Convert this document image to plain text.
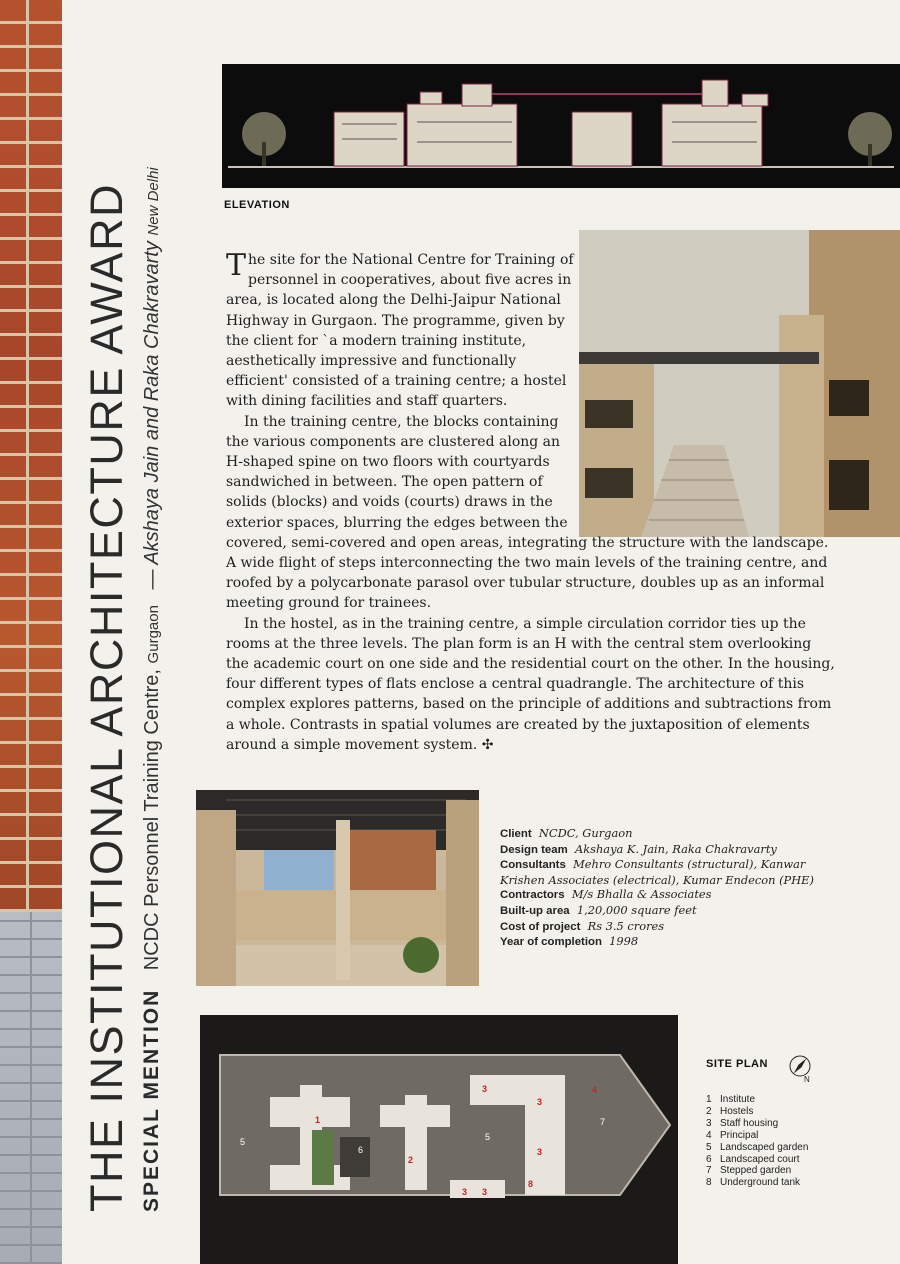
THE INSTITUTIONAL ARCHITECTURE AWARD SPECIAL MENTION NCDC Personnel Training Centre, Gurgaon   — Akshaya Jain and Raka Chakravarty New Delhi	ELEVATION

The site for the National Centre for Training of personnel in cooperatives, about five acres in area, is located along the Delhi-Jaipur National Highway in Gurgaon. The programme, given by the client for `a modern training institute, aesthetically impressive and functionally efficient' consisted of a training centre; a hostel with dining facilities and staff quarters.

In the training centre, the blocks containing the various components are clustered along an H-shaped spine on two floors with courtyards sandwiched in between. The open pattern of solids (blocks) and voids (courts) draws in the exterior spaces, blurring the edges between the covered, semi-covered and open areas, integrating the structure with the landscape. A wide flight of steps interconnecting the two main levels of the training centre, and roofed by a polycarbonate parasol over tubular structure, doubles up as an informal meeting ground for trainees.

In the hostel, as in the training centre, a simple circulation corridor ties up the rooms at the three levels. The plan form is an H with the central stem overlooking the academic court on one side and the residential court on the other. In the housing, four different types of flats enclose a central quadrangle. The architecture of this complex explores patterns, based on the principle of additions and subtractions from a whole. Contrasts in spatial volumes are created by the juxtaposition of elements around a simple movement system. ✣

Client NCDC, Gurgaon
Design team Akshaya K. Jain, Raka Chakravarty
Consultants Mehro Consultants (structural), Kanwar Krishen Associates (electrical), Kumar Endecon (PHE)
Contractors M/s Bhalla & Associates
Built-up area 1,20,000 square feet
Cost of project Rs 3.5 crores
Year of completion 1998
1
2
3
3
3
3 3
4
8
5	5
6
7
SITE PLAN
N
1 Institute
2 Hostels
3 Staff housing
4 Principal
5 Landscaped garden
6 Landscaped court
7 Stepped garden
8 Underground tank
